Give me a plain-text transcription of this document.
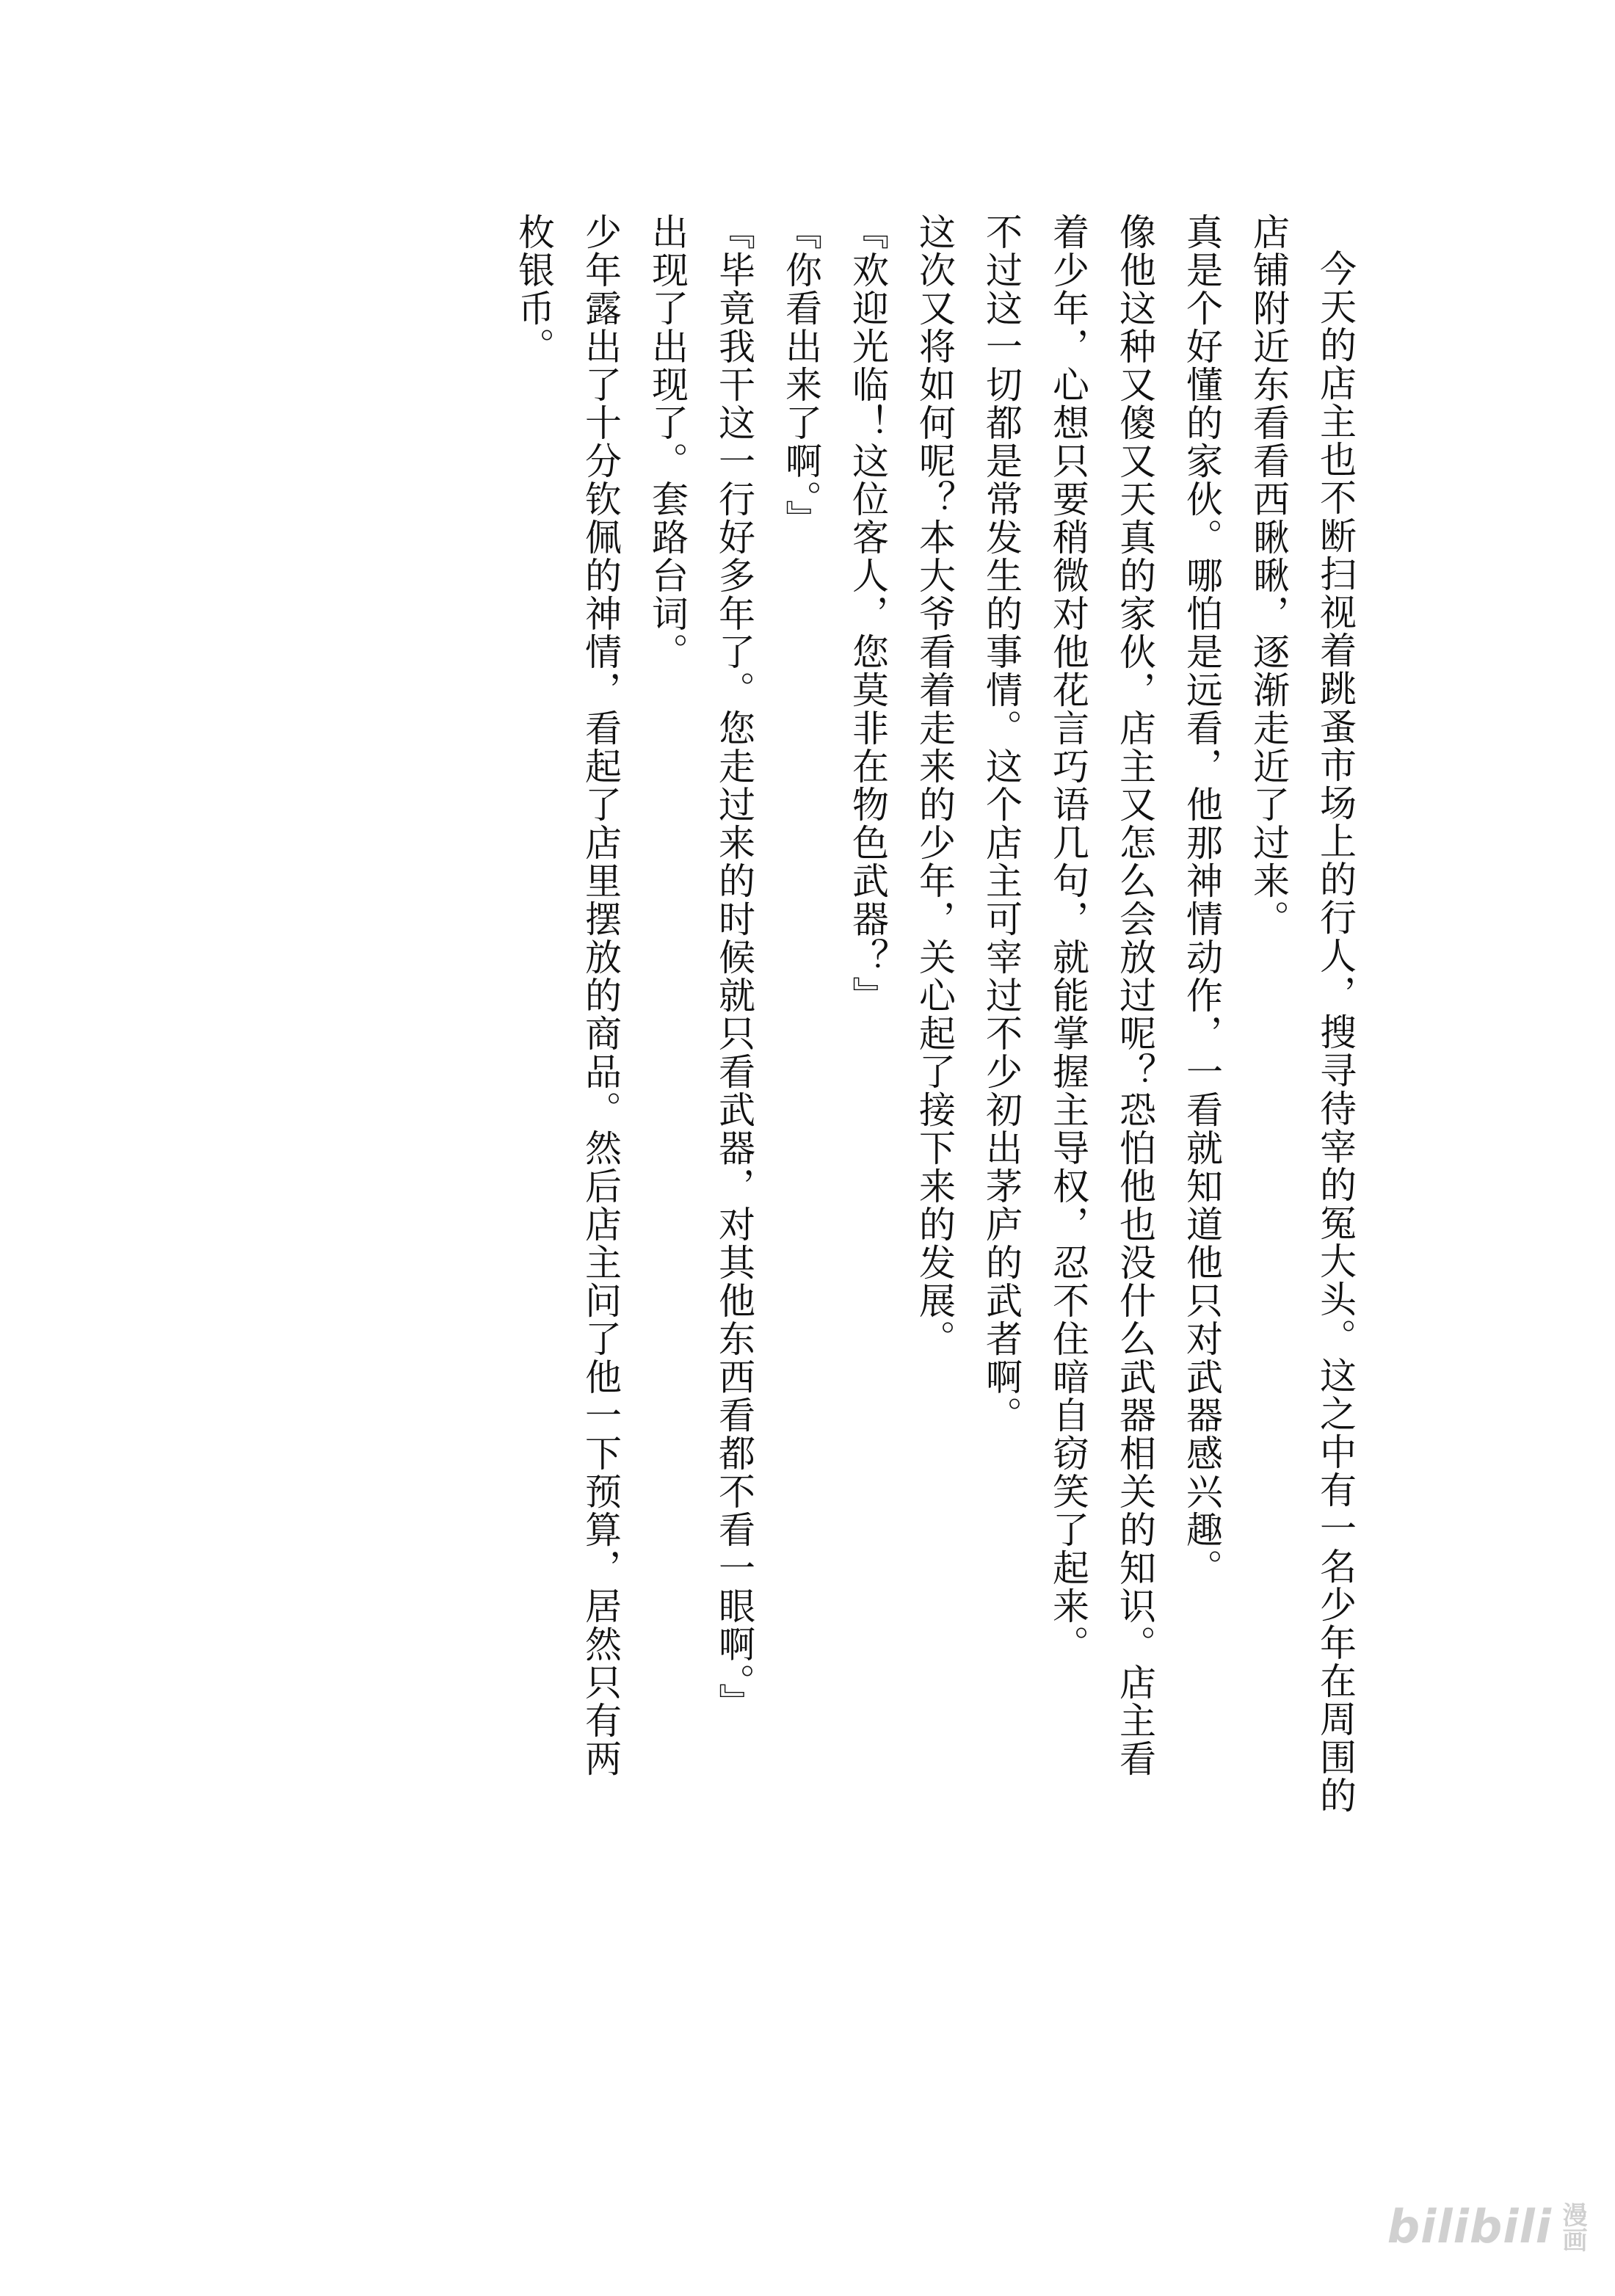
今天的店主也不断扫视着跳蚤市场上的行人，搜寻待宰的冤大头。这之中有一名少年在周围的

店铺附近东看看西瞅瞅，逐渐走近了过来。

真是个好懂的家伙。哪怕是远看，他那神情动作，一看就知道他只对武器感兴趣。

像他这种又傻又天真的家伙，店主又怎么会放过呢？恐怕他也没什么武器相关的知识。店主看

着少年，心想只要稍微对他花言巧语几句，就能掌握主导权，忍不住暗自窃笑了起来。

不过这一切都是常发生的事情。这个店主可宰过不少初出茅庐的武者啊。

这次又将如何呢？本大爷看着走来的少年，关心起了接下来的发展。

『欢迎光临！这位客人，您莫非在物色武器？』

『你看出来了啊。』

『毕竟我干这一行好多年了。您走过来的时候就只看武器，对其他东西看都不看一眼啊。』

出现了出现了。套路台词。

少年露出了十分钦佩的神情，看起了店里摆放的商品。然后店主问了他一下预算，居然只有两

枚银币。

bilibili 漫画
